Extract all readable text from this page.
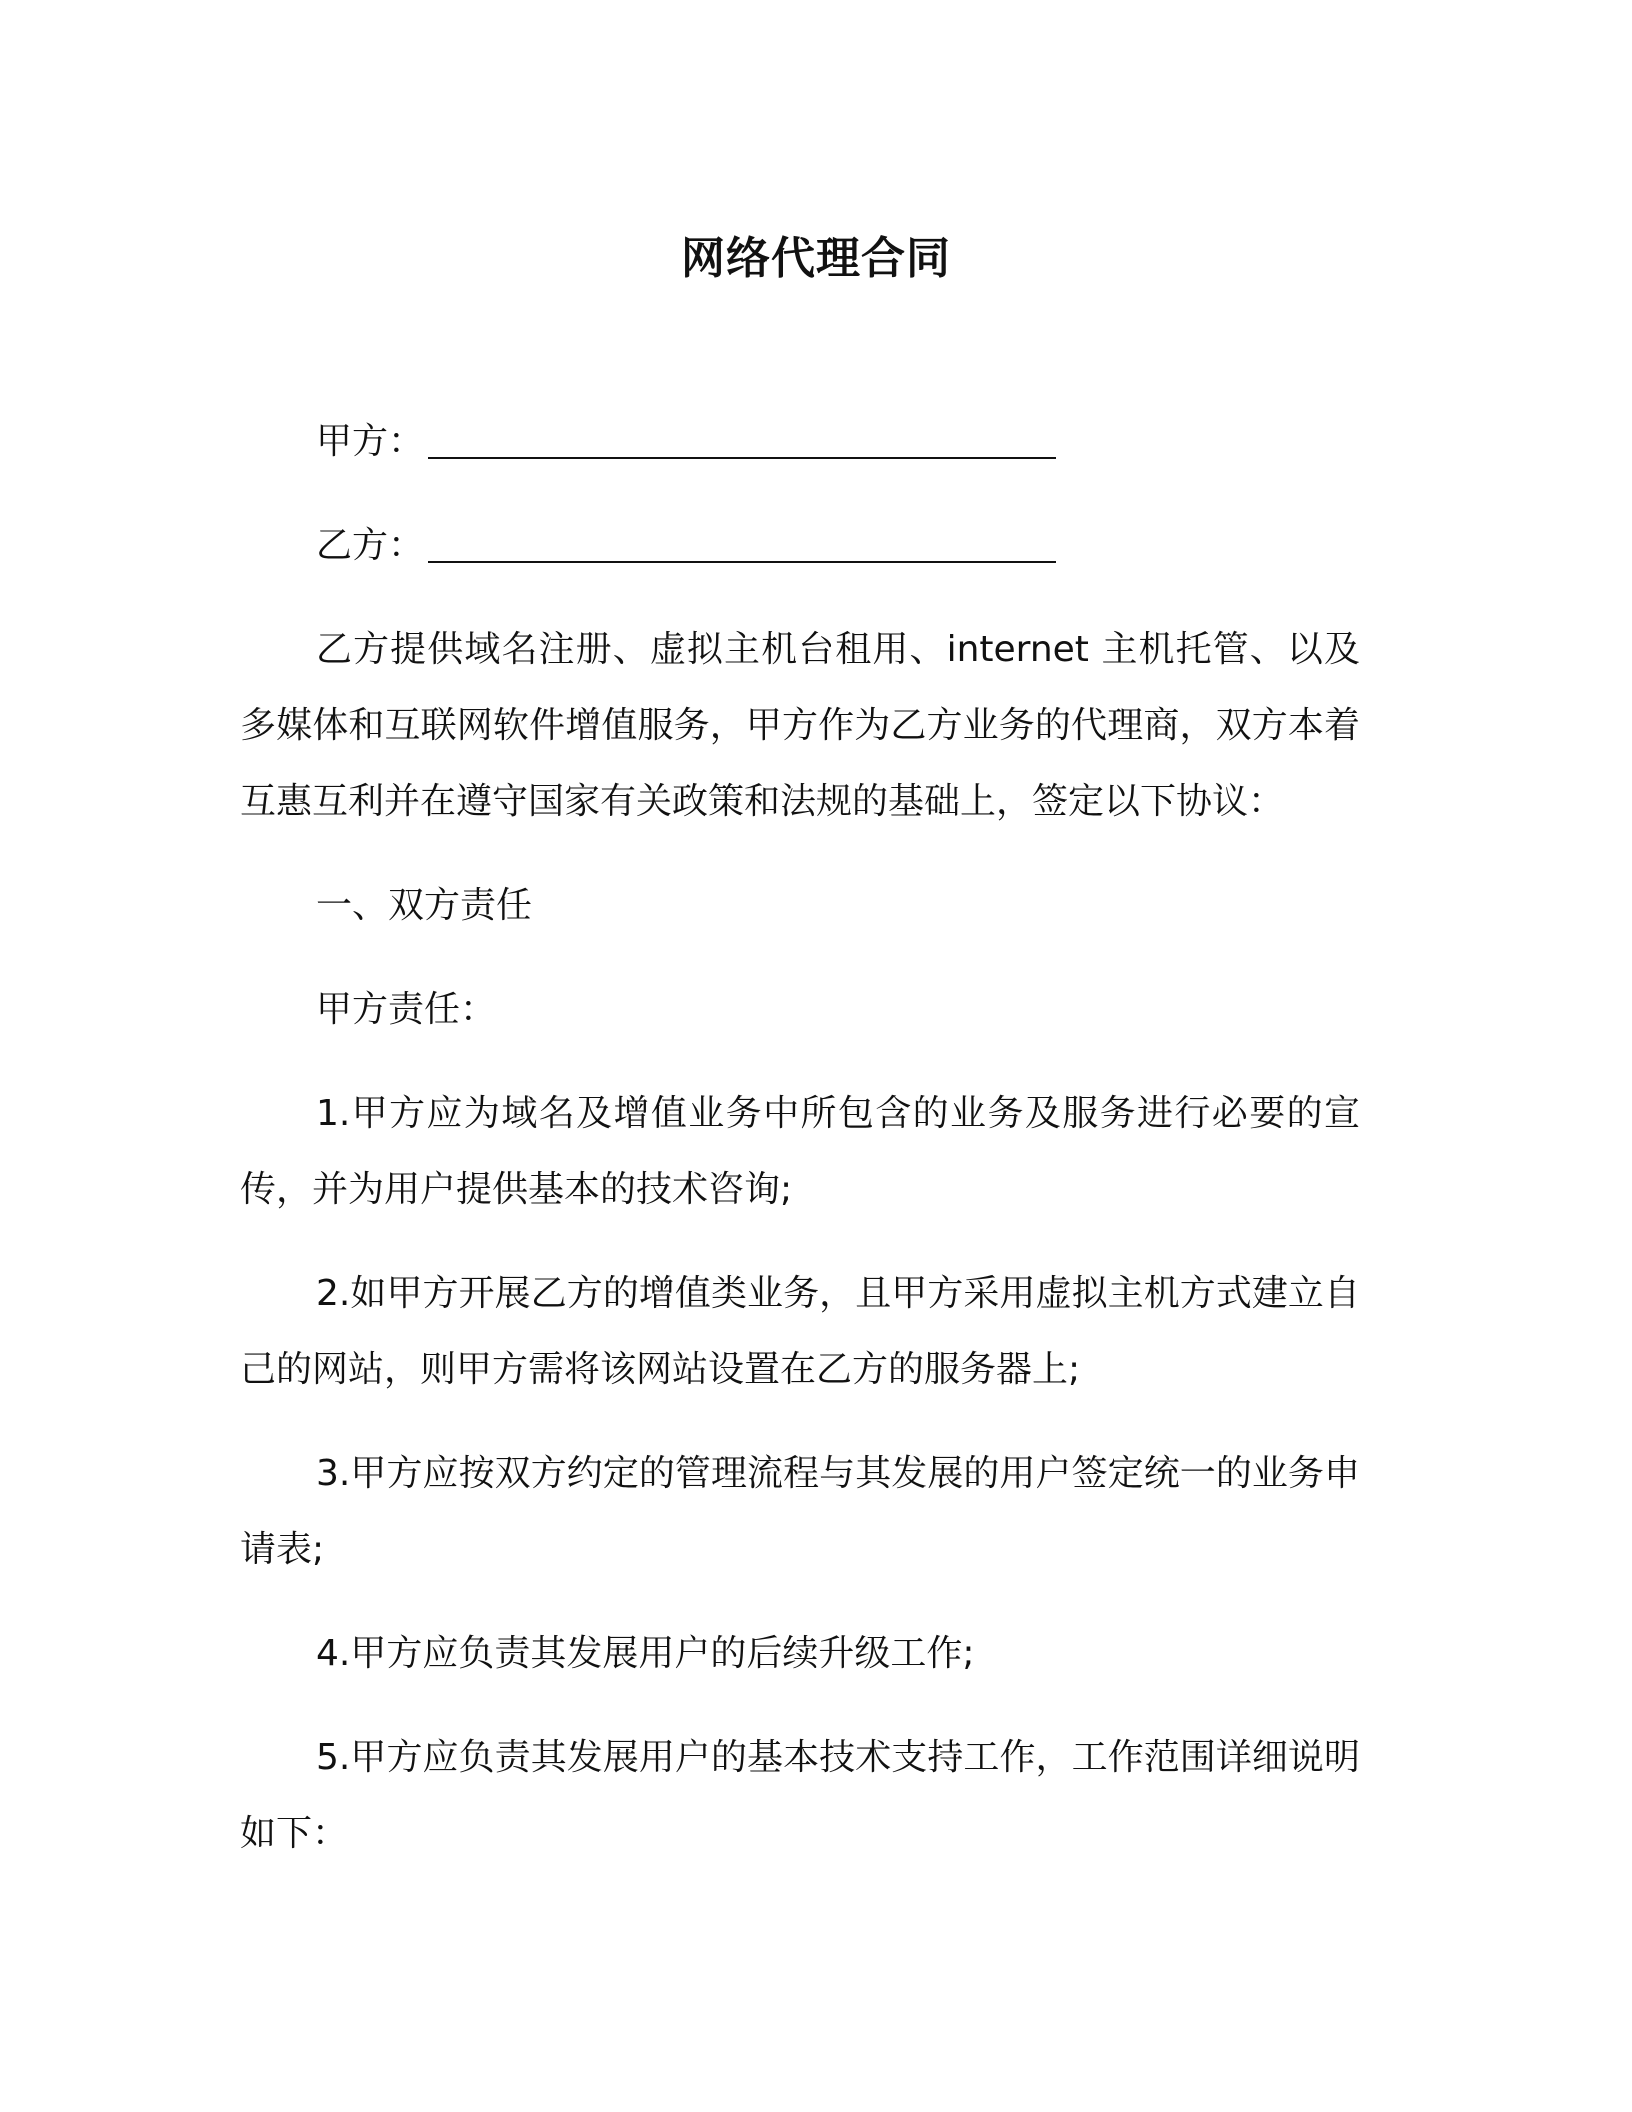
网络代理合同
甲方：
乙方：

乙方提供域名注册、虚拟主机台租用、internet 主机托管、以及多媒体和互联网软件增值服务，甲方作为乙方业务的代理商，双方本着互惠互利并在遵守国家有关政策和法规的基础上，签定以下协议：

一、双方责任

甲方责任：

1.甲方应为域名及增值业务中所包含的业务及服务进行必要的宣传，并为用户提供基本的技术咨询;

2.如甲方开展乙方的增值类业务，且甲方采用虚拟主机方式建立自己的网站，则甲方需将该网站设置在乙方的服务器上;

3.甲方应按双方约定的管理流程与其发展的用户签定统一的业务申请表;

4.甲方应负责其发展用户的后续升级工作;

5.甲方应负责其发展用户的基本技术支持工作，工作范围详细说明如下：
